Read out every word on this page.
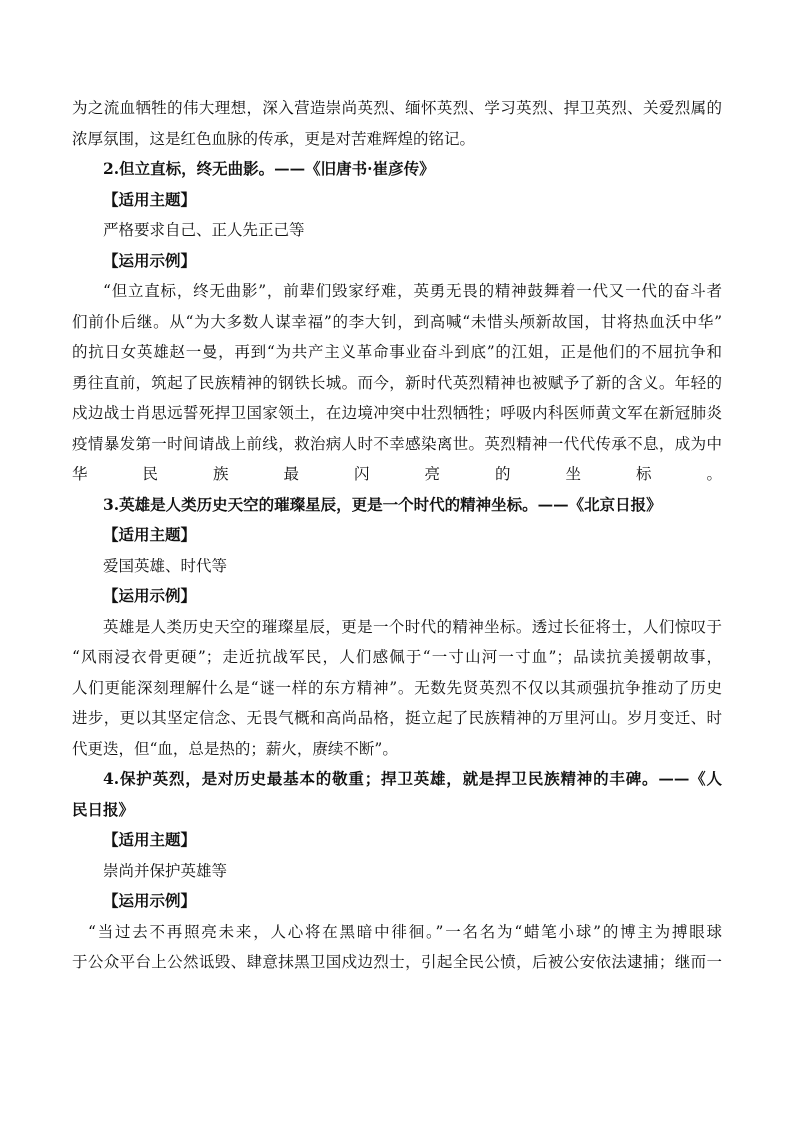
为之流血牺牲的伟大理想，深入营造崇尚英烈、缅怀英烈、学习英烈、捍卫英烈、关爱烈属的
浓厚氛围，这是红色血脉的传承，更是对苦难辉煌的铭记。
2.但立直标，终无曲影。——《旧唐书·崔彦传》
【适用主题】
严格要求自己、正人先正己等
【运用示例】
“但立直标，终无曲影”，前辈们毁家纾难，英勇无畏的精神鼓舞着一代又一代的奋斗者
们前仆后继。从“为大多数人谋幸福”的李大钊，到高喊“未惜头颅新故国，甘将热血沃中华”
的抗日女英雄赵一曼，再到“为共产主义革命事业奋斗到底”的江姐，正是他们的不屈抗争和
勇往直前，筑起了民族精神的钢铁长城。而今，新时代英烈精神也被赋予了新的含义。年轻的
戍边战士肖思远誓死捍卫国家领土，在边境冲突中壮烈牺牲；呼吸内科医师黄文军在新冠肺炎
疫情暴发第一时间请战上前线，救治病人时不幸感染离世。英烈精神一代代传承不息，成为中
华民族最闪亮的坐标。
3.英雄是人类历史天空的璀璨星辰，更是一个时代的精神坐标。——《北京日报》
【适用主题】
爱国英雄、时代等
【运用示例】
英雄是人类历史天空的璀璨星辰，更是一个时代的精神坐标。透过长征将士，人们惊叹于
“风雨浸衣骨更硬”；走近抗战军民，人们感佩于“一寸山河一寸血”；品读抗美援朝故事，
人们更能深刻理解什么是“谜一样的东方精神”。无数先贤英烈不仅以其顽强抗争推动了历史
进步，更以其坚定信念、无畏气概和高尚品格，挺立起了民族精神的万里河山。岁月变迁、时
代更迭，但“血，总是热的；薪火，赓续不断”。
4.保护英烈，是对历史最基本的敬重；捍卫英雄，就是捍卫民族精神的丰碑。——《人
民日报》
【适用主题】
崇尚并保护英雄等
【运用示例】
“当过去不再照亮未来，人心将在黑暗中徘徊。”一名名为“蜡笔小球”的博主为搏眼球
于公众平台上公然诋毁、肆意抹黑卫国戍边烈士，引起全民公愤，后被公安依法逮捕；继而一
